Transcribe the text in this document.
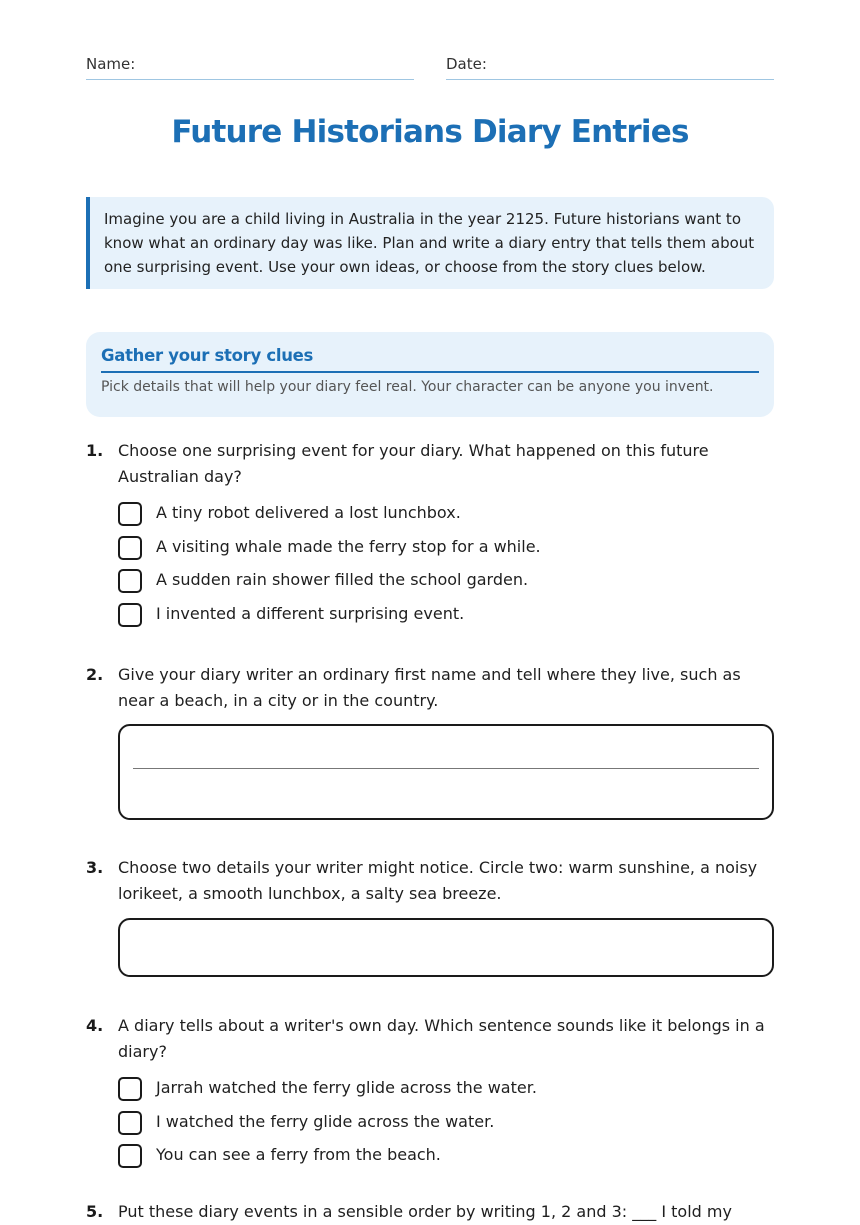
Name:	Date:
Future Historians Diary Entries
Imagine you are a child living in Australia in the year 2125. Future historians want to know what an ordinary day was like. Plan and write a diary entry that tells them about one surprising event. Use your own ideas, or choose from the story clues below.
Gather your story clues
Pick details that will help your diary feel real. Your character can be anyone you invent.
1. Choose one surprising event for your diary. What happened on this future Australian day?
A tiny robot delivered a lost lunchbox.
A visiting whale made the ferry stop for a while.
A sudden rain shower filled the school garden.
I invented a different surprising event.
2. Give your diary writer an ordinary first name and tell where they live, such as near a beach, in a city or in the country.
3. Choose two details your writer might notice. Circle two: warm sunshine, a noisy lorikeet, a smooth lunchbox, a salty sea breeze.
4. A diary tells about a writer's own day. Which sentence sounds like it belongs in a diary?
Jarrah watched the ferry glide across the water.
I watched the ferry glide across the water.
You can see a ferry from the beach.
5. Put these diary events in a sensible order by writing 1, 2 and 3: ___ I told my
